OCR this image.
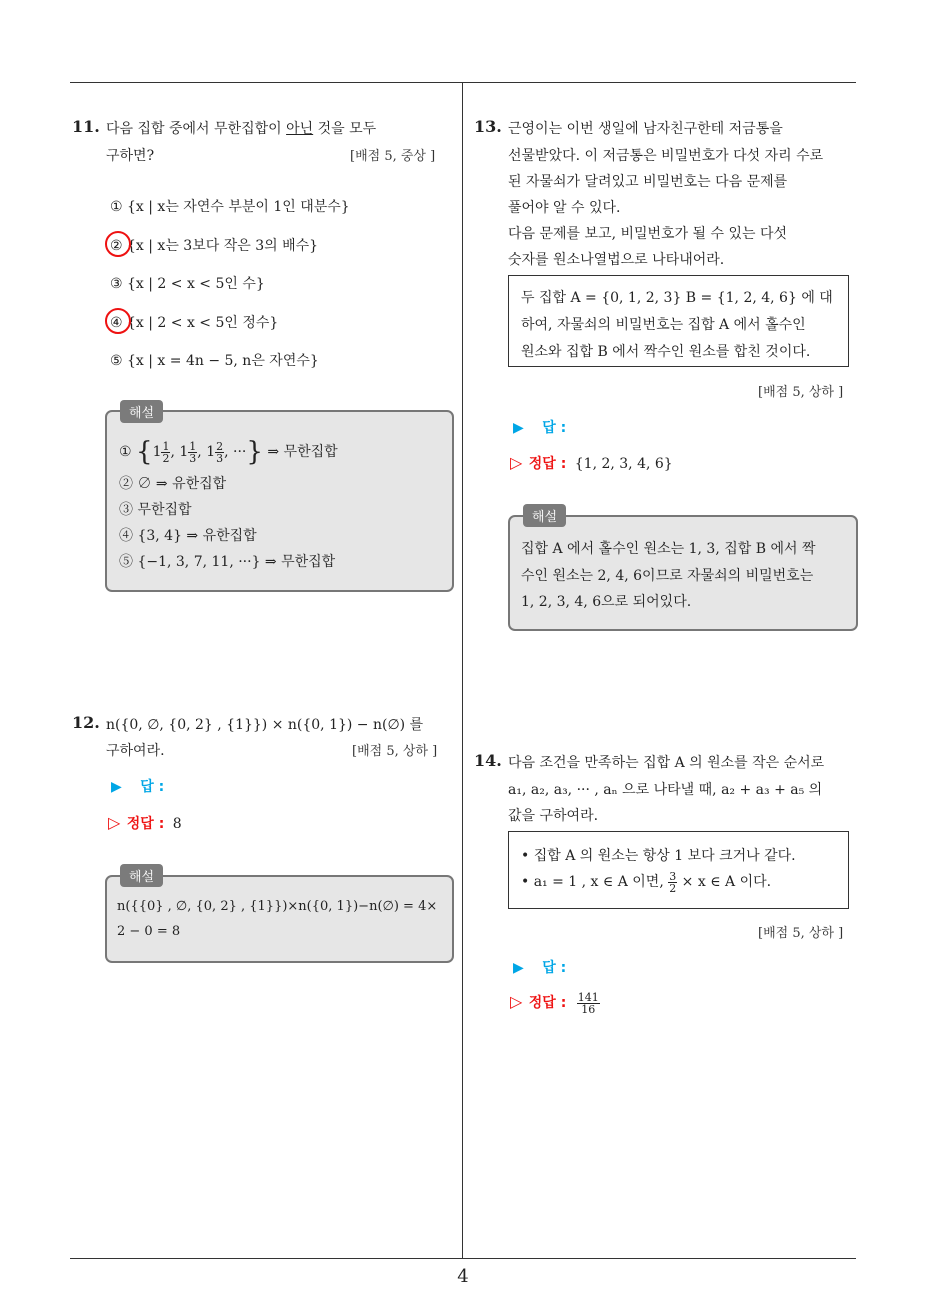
11. 다음 집합 중에서 무한집합이 아닌 것을 모두
구하면?	[배점 5, 중상 ]
① {x | x는 자연수 부분이 1인 대분수}
② {x | x는 3보다 작은 3의 배수}
③ {x | 2 < x < 5인 수}
④ {x | 2 < x < 5인 정수}
⑤ {x | x = 4n − 5, n은 자연수}
해설
① {$1 \frac{1}{2}$ , $1 \frac{1}{3}$ , $1 \frac{2}{3}$ , ···} ⇒ 무한집합
② ∅ ⇒ 유한집합
③ 무한집합
④ {3, 4} ⇒ 유한집합
⑤ {−1, 3, 7, 11, ···} ⇒ 무한집합
12. n({0, ∅, {0, 2} , {1}}) × n({0, 1}) − n(∅) 를
구하여라.	[배점 5, 상하 ]
▶ 답 :
▷ 정답 : 8
해설
n({{0} , ∅, {0, 2} , {1}})×n({0, 1})−n(∅) = 4×
2 − 0 = 8
13. 근영이는 이번 생일에 남자친구한테 저금통을
선물받았다. 이 저금통은 비밀번호가 다섯 자리 수로
된 자물쇠가 달려있고 비밀번호는 다음 문제를
풀어야 알 수 있다.
다음 문제를 보고, 비밀번호가 될 수 있는 다섯
숫자를 원소나열법으로 나타내어라.
두 집합 A = {0, 1, 2, 3} B = {1, 2, 4, 6} 에 대
하여, 자물쇠의 비밀번호는 집합 A 에서 홀수인
원소와 집합 B 에서 짝수인 원소를 합친 것이다.
[배점 5, 상하 ]
▶ 답 :
▷ 정답 : {1, 2, 3, 4, 6}
해설
집합 A 에서 홀수인 원소는 1, 3, 집합 B 에서 짝
수인 원소는 2, 4, 6이므로 자물쇠의 비밀번호는
1, 2, 3, 4, 6으로 되어있다.
14. 다음 조건을 만족하는 집합 A 의 원소를 작은 순서로
a₁, a₂, a₃, ··· , aₙ 으로 나타낼 때, a₂ + a₃ + a₅ 의
값을 구하여라.
• 집합 A 의 원소는 항상 1 보다 크거나 같다.
• a₁ = 1 , x ∈ A 이면, $\frac{3}{2} \times x$ ∈ A 이다.
[배점 5, 상하 ]
▶ 답 :
▷ 정답 : $\frac{141}{16}$
4
